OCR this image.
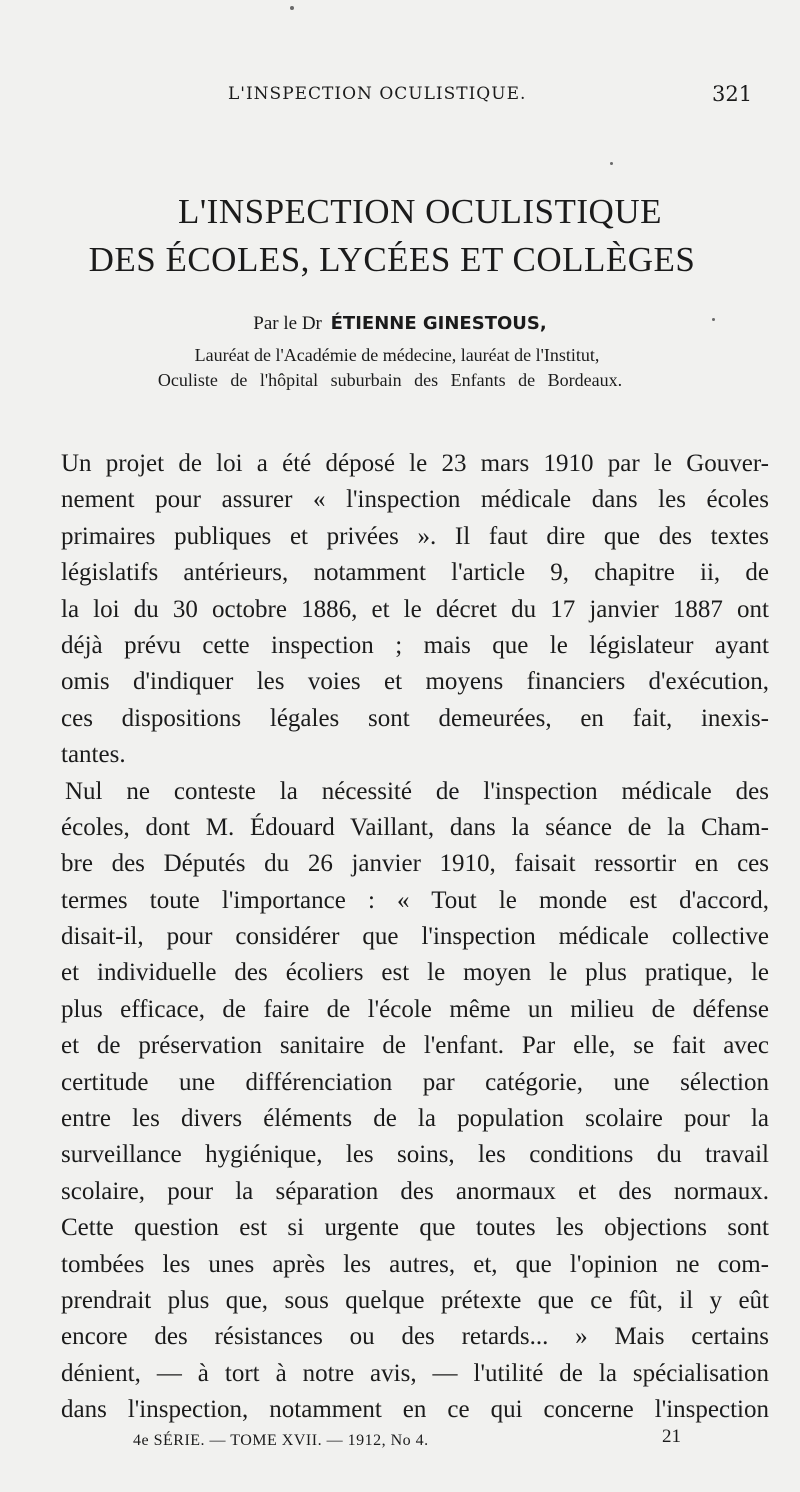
L'INSPECTION OCULISTIQUE.	321
L'INSPECTION OCULISTIQUE
DES ÉCOLES, LYCÉES ET COLLÈGES
Par le Dr ÉTIENNE GINESTOUS,
Lauréat de l'Académie de médecine, lauréat de l'Institut,
Oculiste de l'hôpital suburbain des Enfants de Bordeaux.
Un projet de loi a été déposé le 23 mars 1910 par le Gouver-
nement pour assurer « l'inspection médicale dans les écoles
primaires publiques et privées ». Il faut dire que des textes
législatifs antérieurs, notamment l'article 9, chapitre ii, de
la loi du 30 octobre 1886, et le décret du 17 janvier 1887 ont
déjà prévu cette inspection ; mais que le législateur ayant
omis d'indiquer les voies et moyens financiers d'exécution,
ces dispositions légales sont demeurées, en fait, inexis-
tantes.
Nul ne conteste la nécessité de l'inspection médicale des
écoles, dont M. Édouard Vaillant, dans la séance de la Cham-
bre des Députés du 26 janvier 1910, faisait ressortir en ces
termes toute l'importance : « Tout le monde est d'accord,
disait-il, pour considérer que l'inspection médicale collective
et individuelle des écoliers est le moyen le plus pratique, le
plus efficace, de faire de l'école même un milieu de défense
et de préservation sanitaire de l'enfant. Par elle, se fait avec
certitude une différenciation par catégorie, une sélection
entre les divers éléments de la population scolaire pour la
surveillance hygiénique, les soins, les conditions du travail
scolaire, pour la séparation des anormaux et des normaux.
Cette question est si urgente que toutes les objections sont
tombées les unes après les autres, et, que l'opinion ne com-
prendrait plus que, sous quelque prétexte que ce fût, il y eût
encore des résistances ou des retards... » Mais certains
dénient, — à tort à notre avis, — l'utilité de la spécialisation
dans l'inspection, notamment en ce qui concerne l'inspection
4e SÉRIE. — TOME XVII. — 1912, No 4.	21
